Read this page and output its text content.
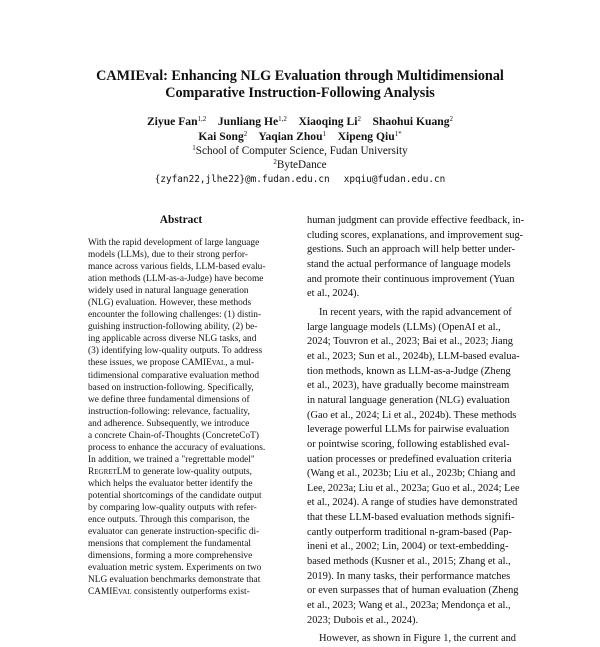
CAMIEval: Enhancing NLG Evaluation through Multidimensional
Comparative Instruction-Following Analysis
Ziyue Fan$^{1,2}$ Junliang He$^{1,2}$ Xiaoqing Li$^2$ Shaohui Kuang$^2$
Kai Song$^2$ Yaqian Zhou$^1$ Xipeng Qiu$^{1*}$
$^1$School of Computer Science, Fudan University
$^2$ByteDance
{zyfan22,jlhe22}@m.fudan.edu.cn xpqiu@fudan.edu.cn
Abstract
With the rapid development of large language
models (LLMs), due to their strong perfor-
mance across various fields, LLM-based evalu-
ation methods (LLM-as-a-Judge) have become
widely used in natural language generation
(NLG) evaluation. However, these methods
encounter the following challenges: (1) distin-
guishing instruction-following ability, (2) be-
ing applicable across diverse NLG tasks, and
(3) identifying low-quality outputs. To address
these issues, we propose CAMIEval, a mul-
tidimensional comparative evaluation method
based on instruction-following. Specifically,
we define three fundamental dimensions of
instruction-following: relevance, factuality,
and adherence. Subsequently, we introduce
a concrete Chain-of-Thoughts (ConcreteCoT)
process to enhance the accuracy of evaluations.
In addition, we trained a "regrettable model"
RegretLM to generate low-quality outputs,
which helps the evaluator better identify the
potential shortcomings of the candidate output
by comparing low-quality outputs with refer-
ence outputs. Through this comparison, the
evaluator can generate instruction-specific di-
mensions that complement the fundamental
dimensions, forming a more comprehensive
evaluation metric system. Experiments on two
NLG evaluation benchmarks demonstrate that
CAMIEval consistently outperforms exist-
human judgment can provide effective feedback, in-
cluding scores, explanations, and improvement sug-
gestions. Such an approach will help better under-
stand the actual performance of language models
and promote their continuous improvement (Yuan
et al., 2024).
In recent years, with the rapid advancement of
large language models (LLMs) (OpenAI et al.,
2024; Touvron et al., 2023; Bai et al., 2023; Jiang
et al., 2023; Sun et al., 2024b), LLM-based evalua-
tion methods, known as LLM-as-a-Judge (Zheng
et al., 2023), have gradually become mainstream
in natural language generation (NLG) evaluation
(Gao et al., 2024; Li et al., 2024b). These methods
leverage powerful LLMs for pairwise evaluation
or pointwise scoring, following established eval-
uation processes or predefined evaluation criteria
(Wang et al., 2023b; Liu et al., 2023b; Chiang and
Lee, 2023a; Liu et al., 2023a; Guo et al., 2024; Lee
et al., 2024). A range of studies have demonstrated
that these LLM-based evaluation methods signifi-
cantly outperform traditional n-gram-based (Pap-
ineni et al., 2002; Lin, 2004) or text-embedding-
based methods (Kusner et al., 2015; Zhang et al.,
2019). In many tasks, their performance matches
or even surpasses that of human evaluation (Zheng
et al., 2023; Wang et al., 2023a; Mendonça et al.,
2023; Dubois et al., 2024).
However, as shown in Figure 1, the current and
